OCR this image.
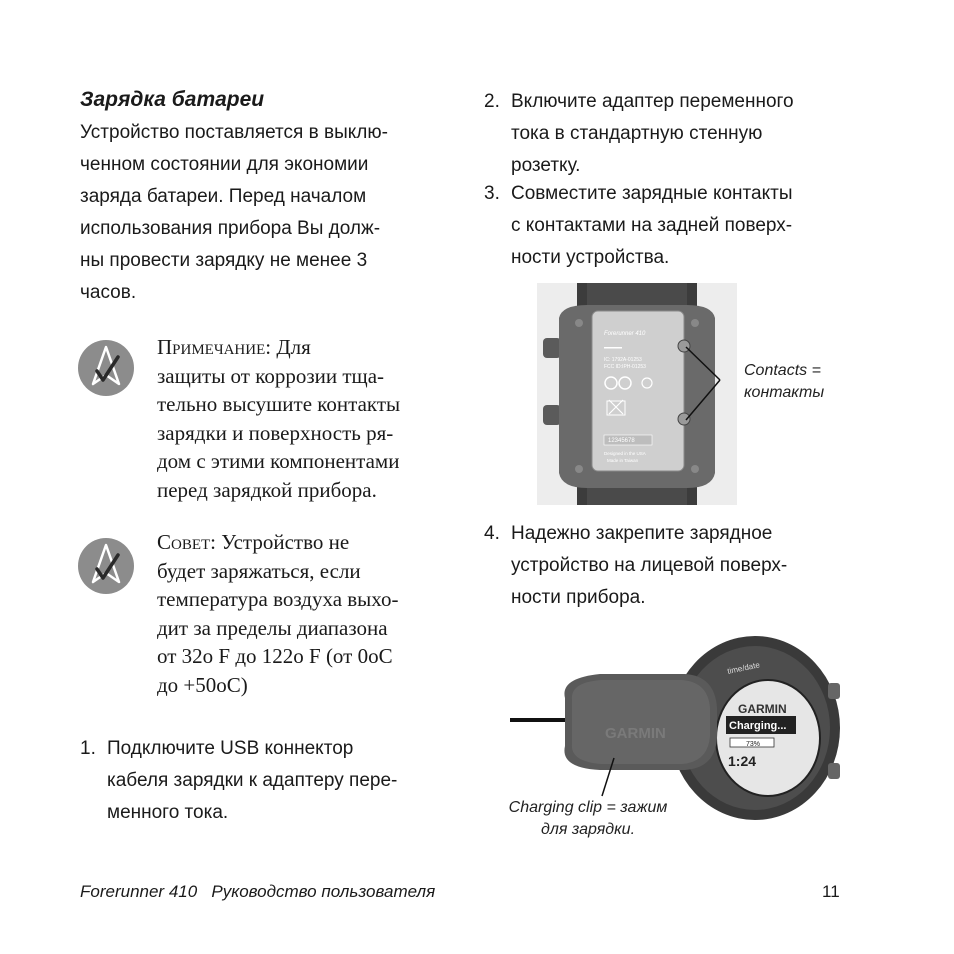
Зарядка батареи
Устройство поставляется в выклю-
ченном состоянии для экономии
заряда батареи. Перед началом
использования прибора Вы долж-
ны провести зарядку не менее 3
часов.
Примечание: Для
защиты от коррозии тща-
тельно высушите контакты
зарядки и поверхность ря-
дом с этими компонентами
перед зарядкой прибора.
Совет: Устройство не
будет заряжаться, если
температура воздуха выхо-
дит за пределы диапазона
от 32o F до 122o F (от 0oC
до +50oC)
1. Подключите USB коннектор
кабеля зарядки к адаптеру пере-
менного тока.
2. Включите адаптер переменного
тока в стандартную стенную
розетку.
3. Совместите зарядные контакты
с контактами на задней поверх-
ности устройства.
Forerunner 410
IC: 1792A-01253
FCC ID:IPH-01253
12345678
Designed in the USA
Made in Taiwan
Contacts =
контакты
4. Надежно закрепите зарядное
устройство на лицевой поверх-
ности прибора.
time/date
GARMIN
Charging...
73%
1:24
GARMIN
Charging clip = зажим
для зарядки.
Forerunner 410   Руководство пользователя	11
